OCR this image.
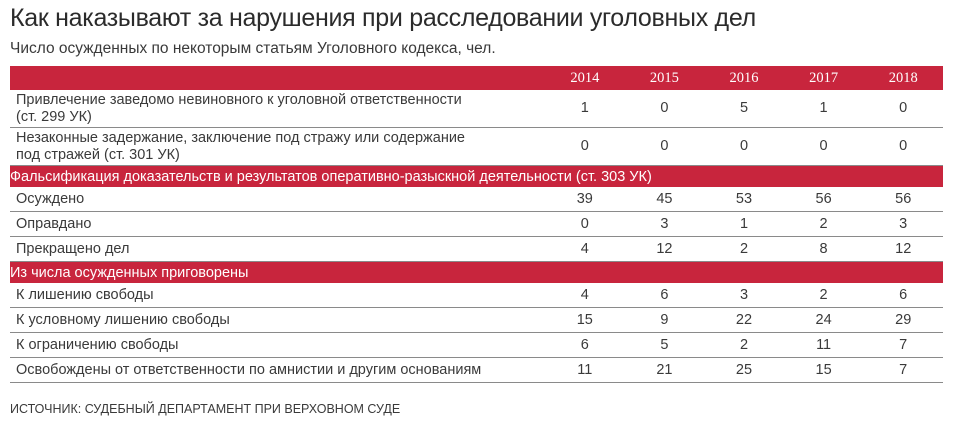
Как наказывают за нарушения при расследовании уголовных дел
Число осужденных по некоторым статьям Уголовного кодекса, чел.
	2014	2015	2016	2017	2018
Привлечение заведомо невиновного к уголовной ответственности
(ст. 299 УК)	1	0	5	1	0
Незаконные задержание, заключение под стражу или содержание
под стражей (ст. 301 УК)	0	0	0	0	0
Фальсификация доказательств и результатов оперативно-разыскной деятельности (ст. 303 УК)					
Осуждено	39	45	53	56	56
Оправдано	0	3	1	2	3
Прекращено дел	4	12	2	8	12
Из числа осужденных приговорены					
К лишению свободы	4	6	3	2	6
К условному лишению свободы	15	9	22	24	29
К ограничению свободы	6	5	2	11	7
Освобождены от ответственности по амнистии и другим основаниям	11	21	25	15	7
ИСТОЧНИК: СУДЕБНЫЙ ДЕПАРТАМЕНТ ПРИ ВЕРХОВНОМ СУДЕ
